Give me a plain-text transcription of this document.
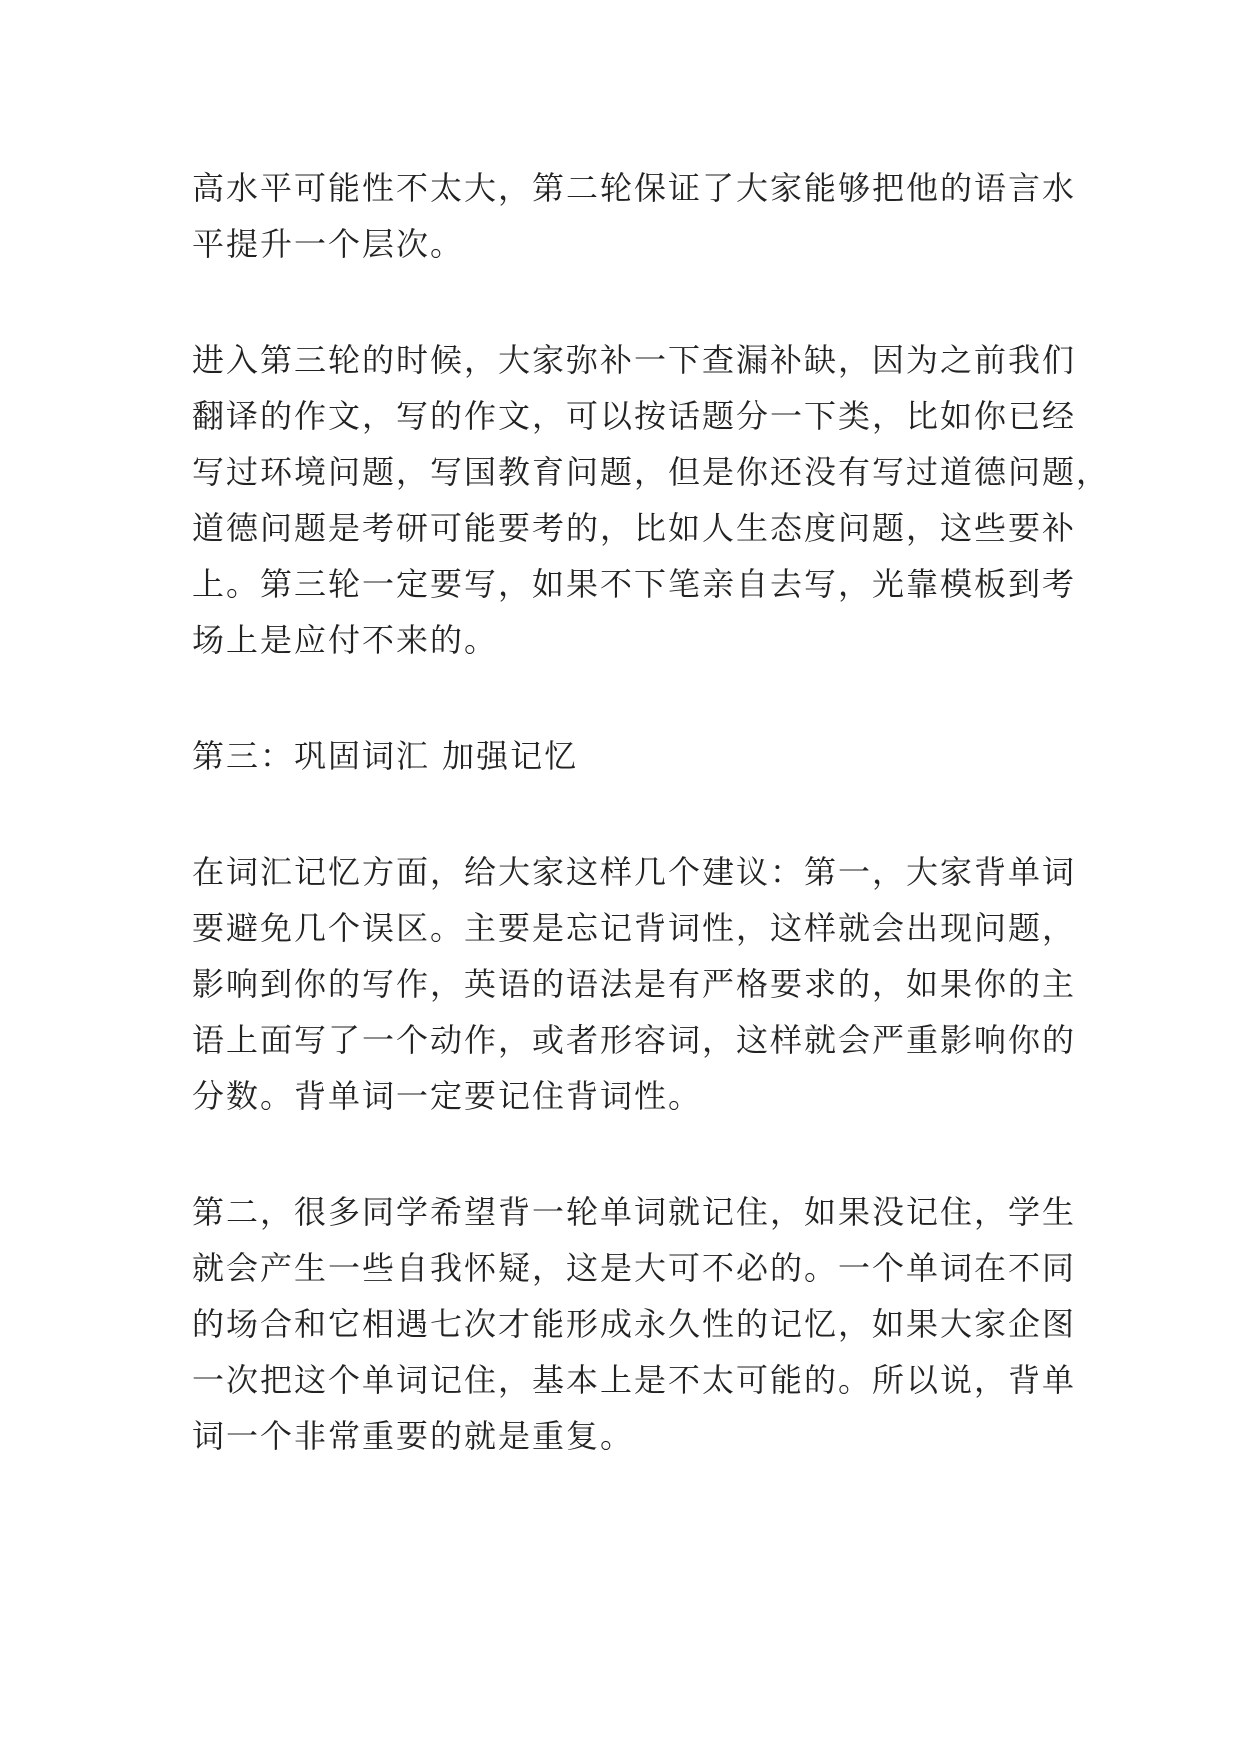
高水平可能性不太大，第二轮保证了大家能够把他的语言水
平提升一个层次。
进入第三轮的时候，大家弥补一下查漏补缺，因为之前我们
翻译的作文，写的作文，可以按话题分一下类，比如你已经
写过环境问题，写国教育问题，但是你还没有写过道德问题，
道德问题是考研可能要考的，比如人生态度问题，这些要补
上。第三轮一定要写，如果不下笔亲自去写，光靠模板到考
场上是应付不来的。
第三：巩固词汇 加强记忆
在词汇记忆方面，给大家这样几个建议：第一，大家背单词
要避免几个误区。主要是忘记背词性，这样就会出现问题，
影响到你的写作，英语的语法是有严格要求的，如果你的主
语上面写了一个动作，或者形容词，这样就会严重影响你的
分数。背单词一定要记住背词性。
第二，很多同学希望背一轮单词就记住，如果没记住，学生
就会产生一些自我怀疑，这是大可不必的。一个单词在不同
的场合和它相遇七次才能形成永久性的记忆，如果大家企图
一次把这个单词记住，基本上是不太可能的。所以说，背单
词一个非常重要的就是重复。
